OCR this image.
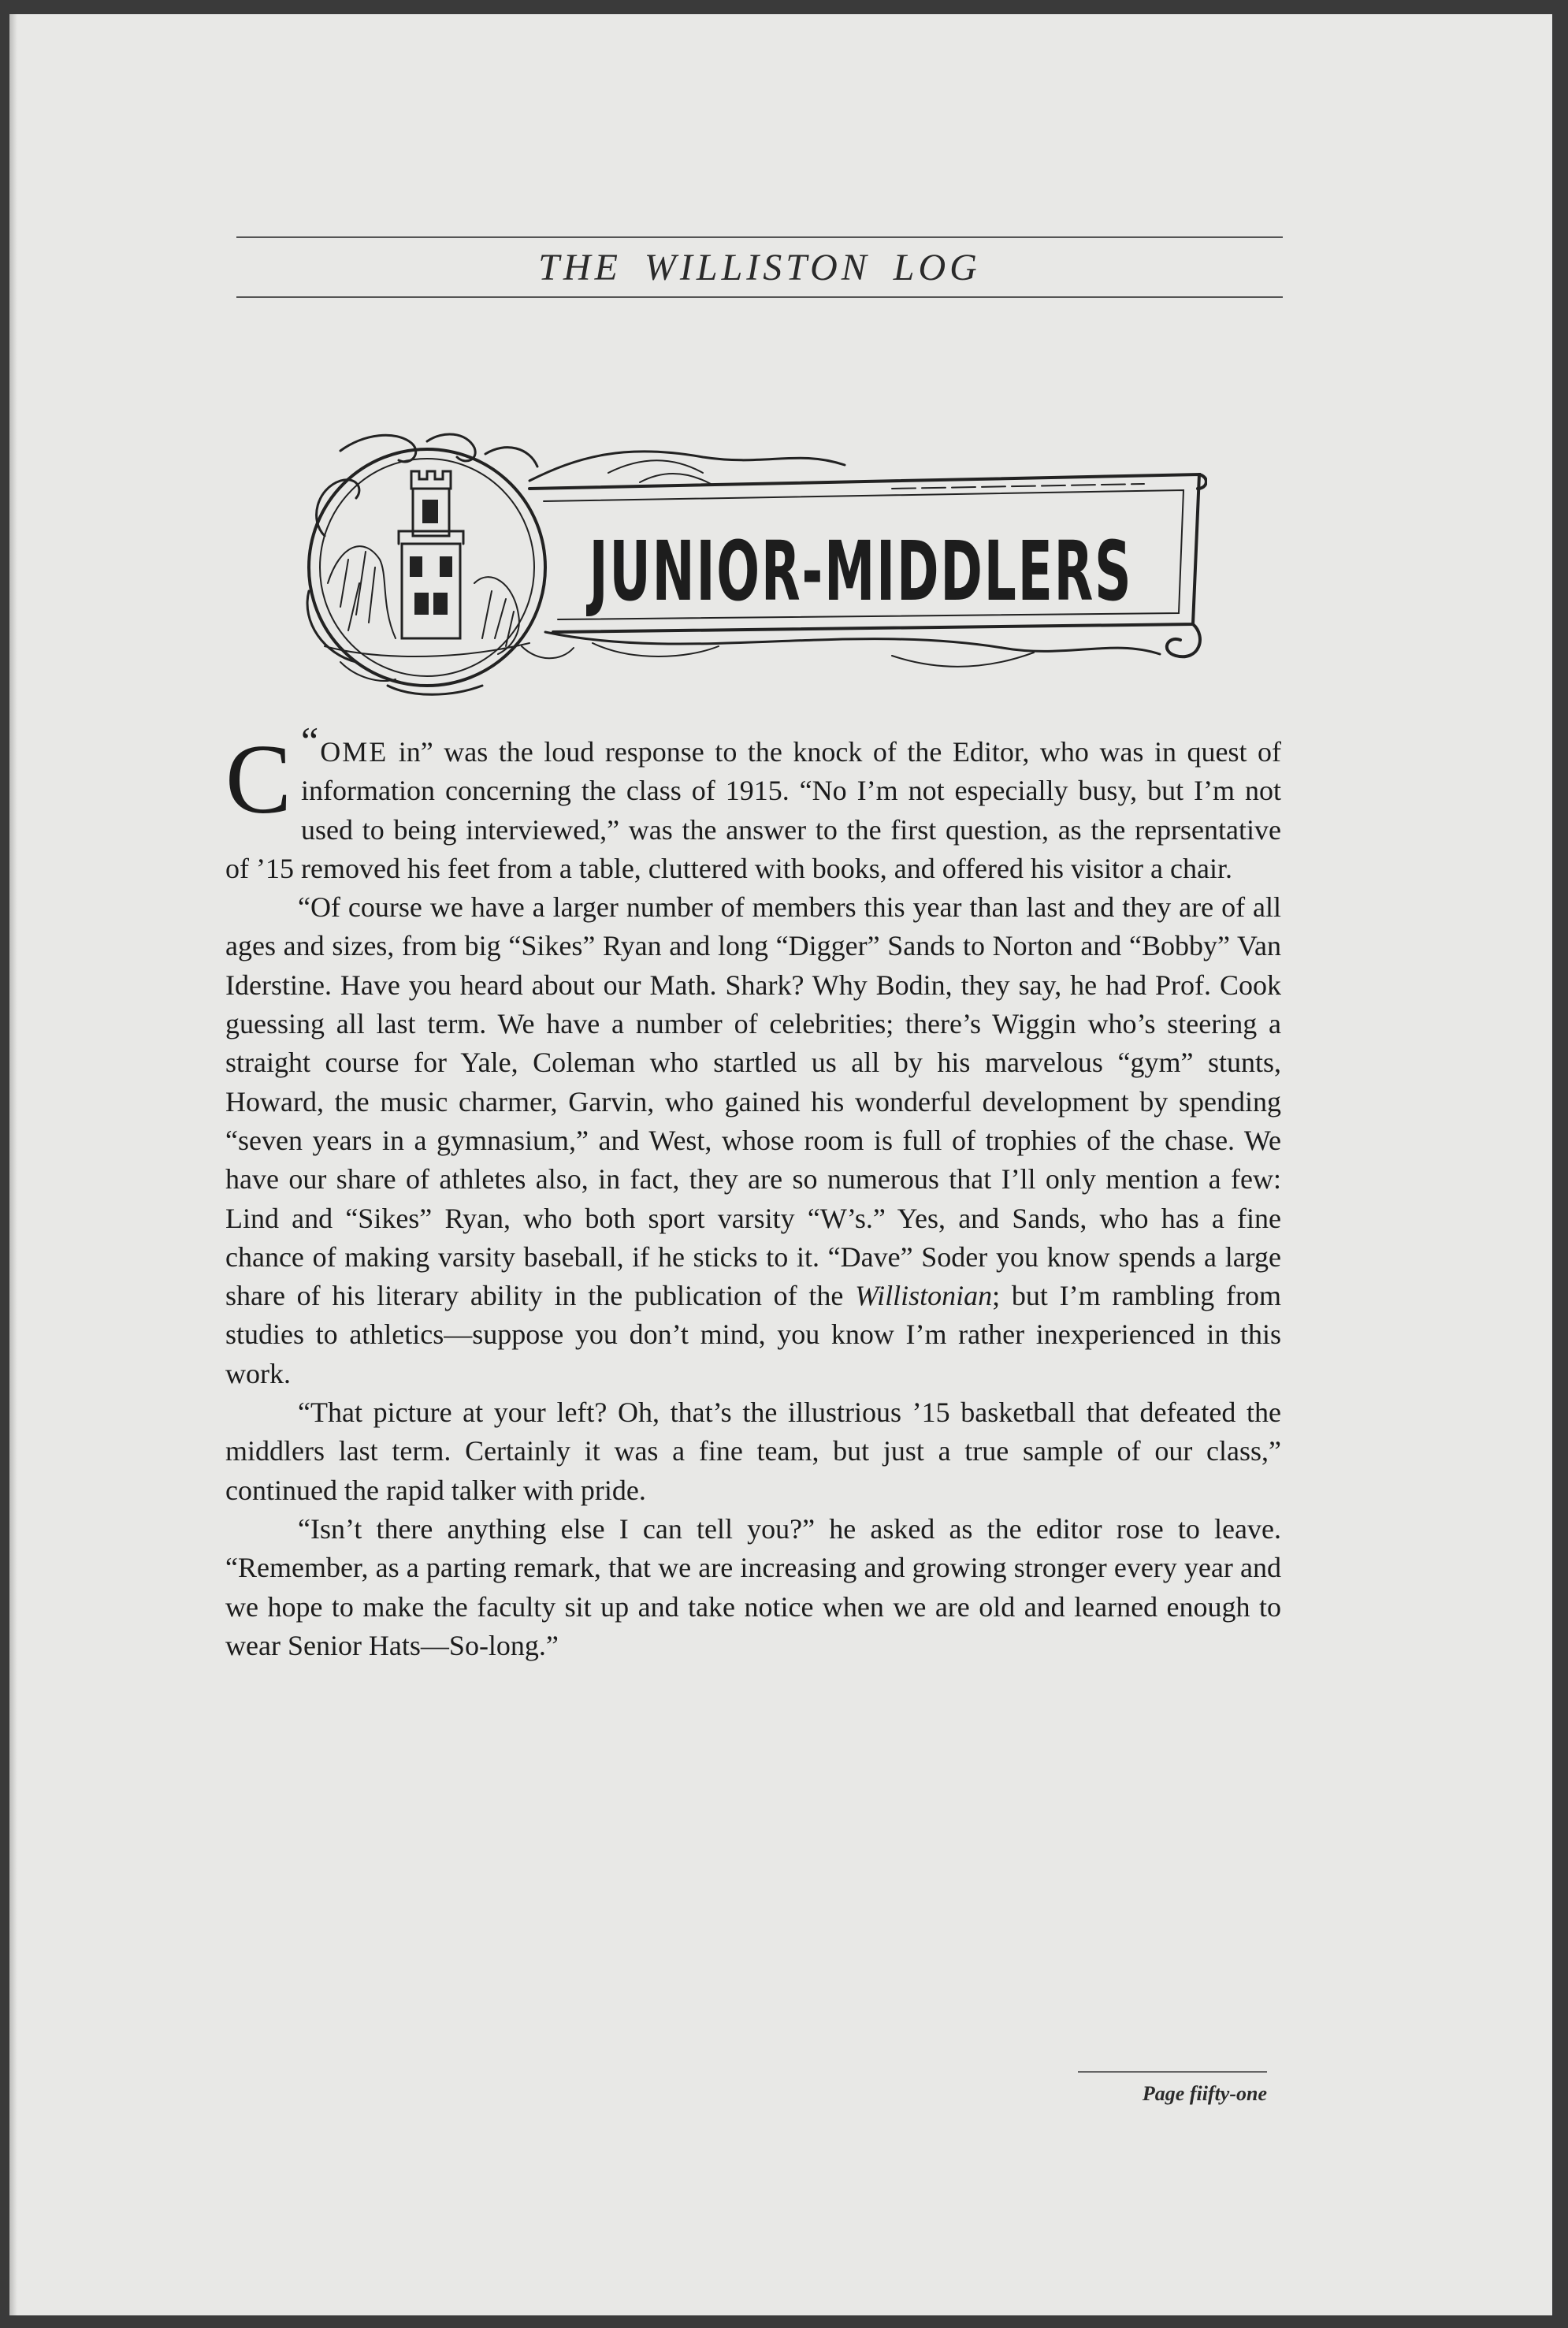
THE WILLISTON LOG
JUNIOR-MIDDLERS

“
C OME in” was the loud response to the knock of the Editor, who was in quest of information concerning the class of 1915. “No I’m not especially busy, but I’m not used to being interviewed,” was the answer to the first question, as the reprsentative of ’15 removed his feet from a table, cluttered with books, and offered his visitor a chair.

“Of course we have a larger number of members this year than last and they are of all ages and sizes, from big “Sikes” Ryan and long “Digger” Sands to Norton and “Bobby” Van Iderstine. Have you heard about our Math. Shark? Why Bodin, they say, he had Prof. Cook guessing all last term. We have a number of celebrities; there’s Wiggin who’s steering a straight course for Yale, Coleman who startled us all by his marvelous “gym” stunts, Howard, the music charmer, Garvin, who gained his wonderful development by spending “seven years in a gymnasium,” and West, whose room is full of trophies of the chase. We have our share of athletes also, in fact, they are so numerous that I’ll only mention a few: Lind and “Sikes” Ryan, who both sport varsity “W’s.” Yes, and Sands, who has a fine chance of making varsity baseball, if he sticks to it. “Dave” Soder you know spends a large share of his literary ability in the publication of the Willistonian; but I’m rambling from studies to athletics—suppose you don’t mind, you know I’m rather inexperienced in this work.

“That picture at your left? Oh, that’s the illustrious ’15 basketball that defeated the middlers last term. Certainly it was a fine team, but just a true sample of our class,” continued the rapid talker with pride.

“Isn’t there anything else I can tell you?” he asked as the editor rose to leave. “Remember, as a parting remark, that we are increasing and growing stronger every year and we hope to make the faculty sit up and take notice when we are old and learned enough to wear Senior Hats—So-long.”

Page fiifty-one
